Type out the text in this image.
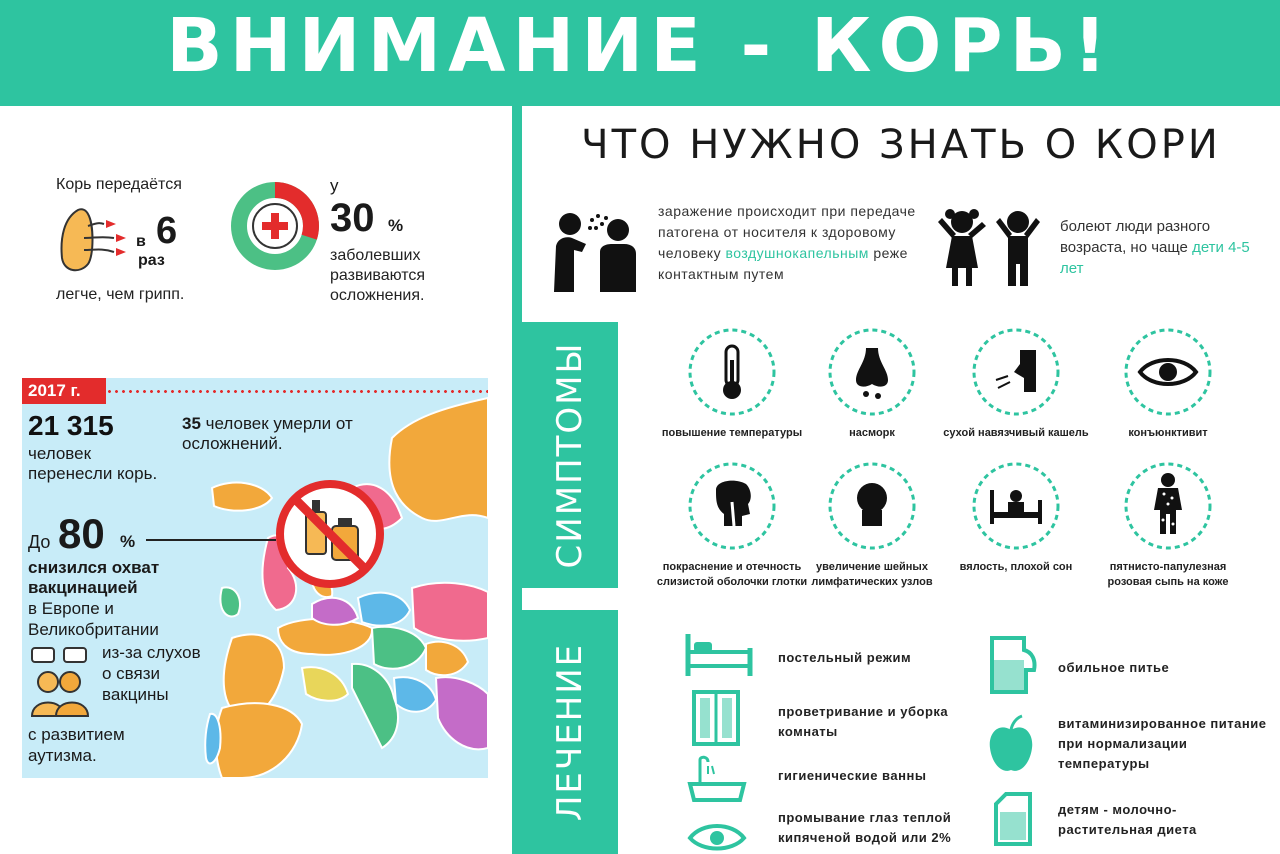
ВНИМАНИЕ - КОРЬ!
Корь передаётся
в 6
раз
легче, чем грипп.
у
30 %
заболевших развиваются осложнения.
2017 г.
21 315
человек перенесли корь.
35 человек умерли от осложнений.
До 80 %
снизился охват вакцинацией
в Европе и Великобритании
из-за слухов о связи вакцины
с развитием аутизма.
ЧТО НУЖНО ЗНАТЬ О КОРИ
заражение происходит при передаче патогена от носителя к здоровому человеку воздушнокапельным реже контактным путем
болеют люди разного возраста, но чаще дети 4-5 лет
СИМПТОМЫ	повышение температуры	насморк	сухой навязчивый кашель	конъюнктивит
покраснение и отечность слизистой оболочки глотки
увеличение шейных лимфатических узлов
вялость, плохой сон	пятнисто-папулезная розовая сыпь на коже
ЛЕЧЕНИЕ	постельный режим
обильное питье
проветривание и уборка комнаты
витаминизированное питание при нормализации температуры
гигиенические ванны
детям - молочно-растительная диета
промывание глаз теплой кипяченой водой или 2%
